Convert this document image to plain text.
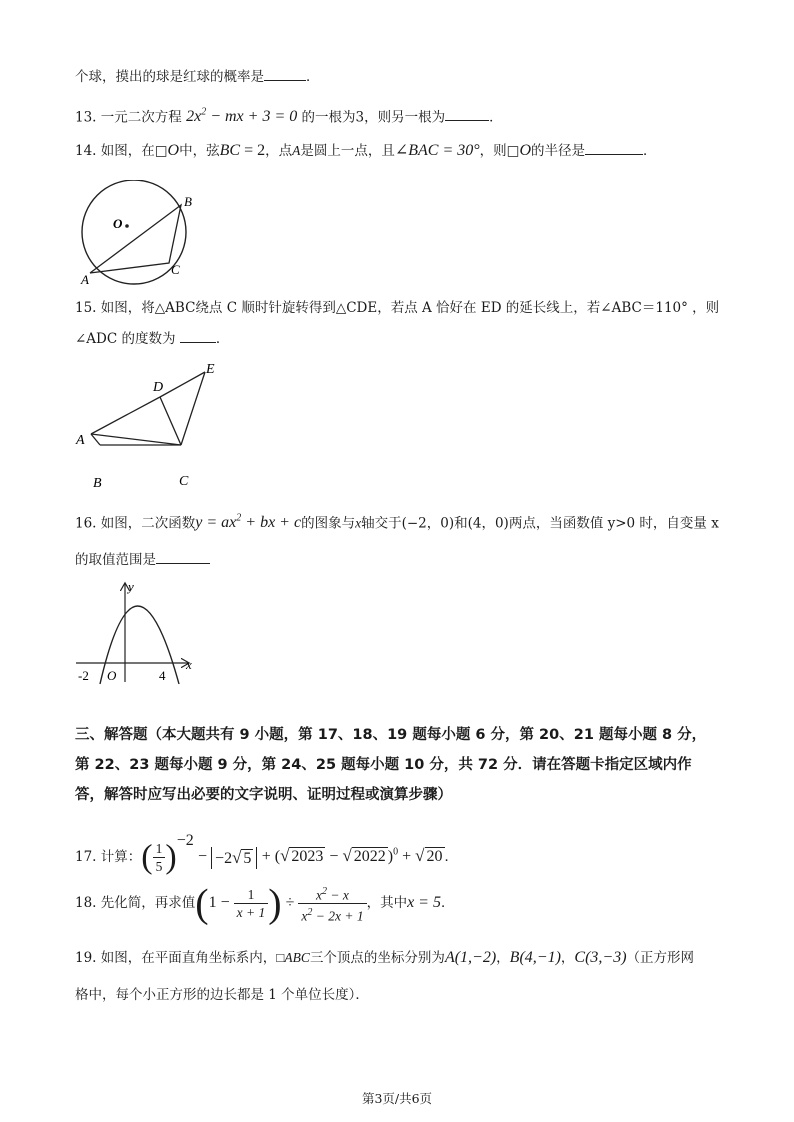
个球，摸出的球是红球的概率是	．
13. 一元二次方程 $2x^2$ − mx + 3 = 0 的一根为3，则另一根为	．
14. 如图，在□O中，弦BC = 2，点A是圆上一点，且∠BAC = 30°，则□O的半径是	．
O
A
B
C
15. 如图，将△ABC绕点 C 顺时针旋转得到△CDE，若点 A 恰好在 ED 的延长线上，若∠ABC＝110° ，则
∠ADC 的度数为	．
A
B	C
D
E
16. 如图，二次函数$y = ax^2$ + bx + c的图象与x轴交于(−2，0)和(4，0)两点，当函数值 y>0 时，自变量 x
的取值范围是
y
x
O
-2	4
三、解答题（本大题共有 9 小题，第 17、18、19 题每小题 6 分，第 20、21 题每小题 8 分，
第 22、23 题每小题 9 分，第 24、25 题每小题 10 分，共 72 分．请在答题卡指定区域内作
答，解答时应写出必要的文字说明、证明过程或演算步骤）
17. 计算：( $\frac{1}{5} )^{-2} - -2√$ 5 + (√ 2023 − √ 2022 )$^0$ + √ 20 ．
18. 先化简，再求值($1 - \frac{1}{x + 1}$ ) ÷ $\frac{x^2 - x}{x^2 - 2x + 1}$ ，其中x = 5．
19. 如图，在平面直角坐标系内，□ABC三个顶点的坐标分别为A(1,−2)，B(4,−1)，C(3,−3)（正方形网
格中，每个小正方形的边长都是 1 个单位长度）．
第3页/共6页
